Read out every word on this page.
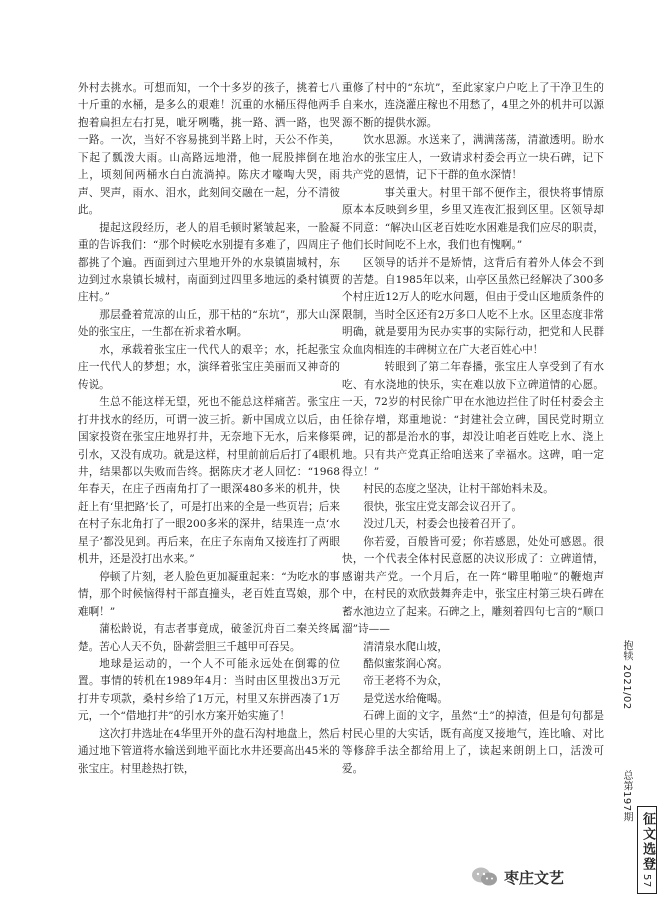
外村去挑水。可想而知，一个十多岁的孩子，挑着七八十斤重的水桶，是多么的艰难！沉重的水桶压得他两手抱着扁担左右打晃，呲牙咧嘴，挑一路、洒一路，也哭一路。一次，当好不容易挑到半路上时，天公不作美，下起了瓢泼大雨。山高路远地滑，他一屁股摔倒在地上，顷刻间两桶水白白流淌掉。陈庆才嚎啕大哭，雨声、哭声，雨水、泪水，此刻间交融在一起，分不清彼此。

提起这段经历，老人的眉毛顿时紧皱起来，一脸凝重的告诉我们：“那个时候吃水别提有多难了，四周庄子都挑了个遍。西面到过六里地开外的水泉镇崮城村，东边到过水泉镇长城村，南面到过四里多地远的桑村镇贾庄村。”

那层叠着荒凉的山丘，那干枯的“东坑”，那大山深处的张宝庄，一生都在祈求着水啊。

水，承载着张宝庄一代代人的艰辛；水，托起张宝庄一代代人的梦想；水，演绎着张宝庄美丽而又神奇的传说。

生总不能这样无望，死也不能总这样痛苦。张宝庄打井找水的经历，可谓一波三折。新中国成立以后，由国家投资在张宝庄地界打井，无奈地下无水，后来修渠引水，又没有成功。就是这样，村里前前后后打了4眼机井，结果都以失败而告终。据陈庆才老人回忆：“1968年春天，在庄子西南角打了一眼深480多米的机井，快赶上有‘里把路’长了，可是打出来的全是一些页岩；后来在村子东北角打了一眼200多米的深井，结果连一点‘水星子’都没见到。再后来，在庄子东南角又接连打了两眼机井，还是没打出水来。”

停顿了片刻，老人脸色更加凝重起来：“为吃水的事情，那个时候恼得村干部直撞头，老百姓直骂娘，那个难啊！”

蒲松龄说，有志者事竟成，破釜沉舟百二秦关终属楚。苦心人天不负，卧薪尝胆三千越甲可吞吴。

地球是运动的，一个人不可能永远处在倒霉的位置。事情的转机在1989年4月：当时由区里拨出3万元打井专项款，桑村乡给了1万元，村里又东拼西凑了1万元，一个“借地打井”的引水方案开始实施了！

这次打井选址在4华里开外的盘石沟村地盘上，然后通过地下管道将水输送到地平面比水井还要高出45米的张宝庄。村里趁热打铁，

重修了村中的“东坑”，至此家家户户吃上了干净卫生的自来水，连浇灌庄稼也不用愁了，4里之外的机井可以源源不断的提供水源。

饮水思源。水送来了，满满荡荡，清澈透明。盼水治水的张宝庄人，一致请求村委会再立一块石碑，记下共产党的恩情，记下干群的鱼水深情！

事关重大。村里干部不便作主，很快将事情原原本本反映到乡里，乡里又连夜汇报到区里。区领导却不同意：“解决山区老百姓吃水困难是我们应尽的职责，他们长时间吃不上水，我们也有愧啊。”

区领导的话并不是矫情，这背后有着外人体会不到的苦楚。自1985年以来，山亭区虽然已经解决了300多个村庄近12万人的吃水问题，但由于受山区地质条件的限制，当时全区还有2万多口人吃不上水。区里态度非常明确，就是要用为民办实事的实际行动，把党和人民群众血肉相连的丰碑树立在广大老百姓心中！

转眼到了第二年春播，张宝庄人享受到了有水吃、有水浇地的快乐，实在难以放下立碑道情的心愿。一天，72岁的村民徐广甲在水池边拦住了时任村委会主任徐存增，郑重地说：“封建社会立碑，国民党时期立碑，记的都是治水的事，却没让咱老百姓吃上水、浇上地。只有共产党真正给咱送来了幸福水。这碑，咱一定得立！”

村民的态度之坚决，让村干部始料未及。

很快，张宝庄党支部会议召开了。

没过几天，村委会也接着召开了。

你若爱，百般皆可爱；你若感恩，处处可感恩。很快，一个代表全体村民意愿的决议形成了：立碑道情，感谢共产党。一个月后，在一阵“噼里啪啦”的鞭炮声中，在村民的欢欣鼓舞奔走中，张宝庄村第三块石碑在蓄水池边立了起来。石碑之上，雕刻着四句七言的“顺口溜”诗——

清清泉水爬山坡，

酷似蜜浆润心窝。

帝王老将不为众，

是党送水给俺喝。

石碑上面的文字，虽然“土”的掉渣，但是句句都是村民心里的大实话，既有高度又接地气，连比喻、对比等修辞手法全都给用上了，读起来朗朗上口，活泼可爱。

抱犊 2021/02
总第197期
征文选登
57
枣庄文艺
